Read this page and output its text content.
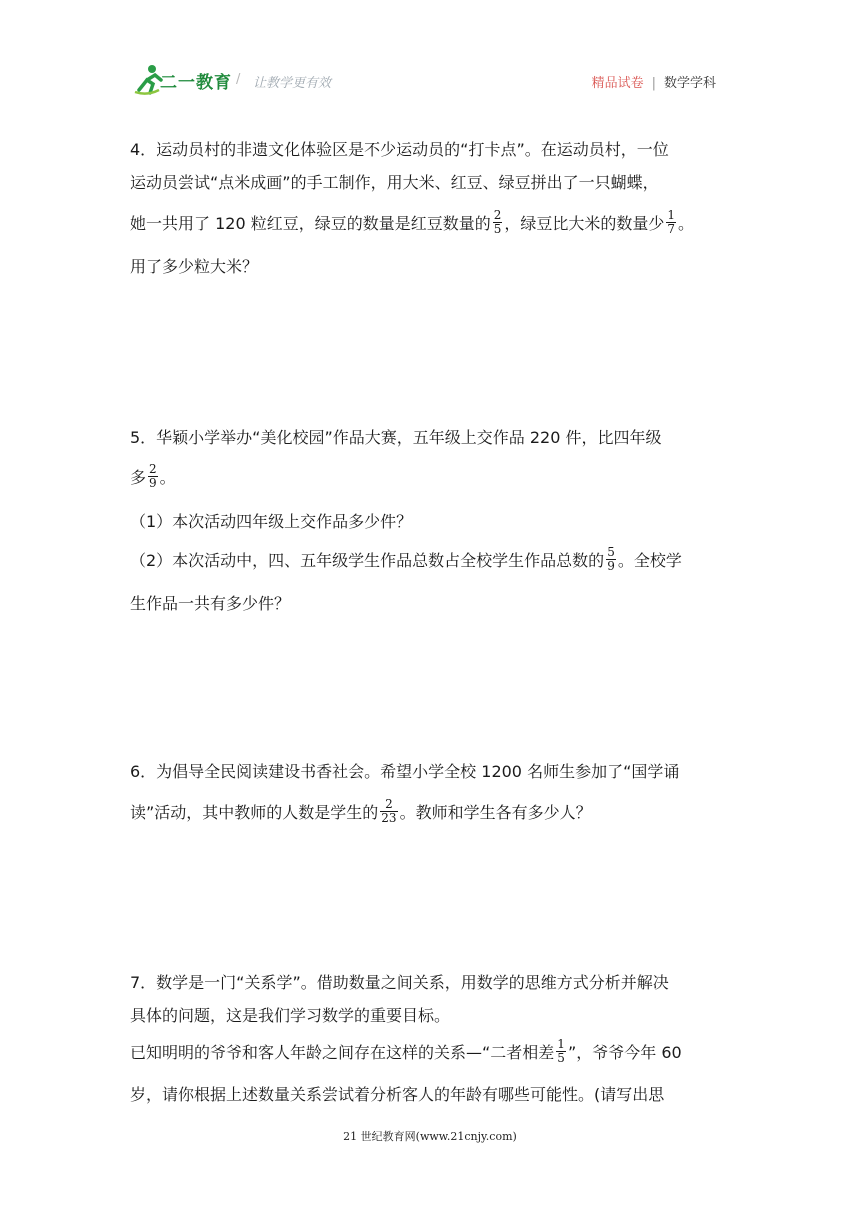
二一教育 / 让教学更有效	精品试卷 | 数学学科
4．运动员村的非遗文化体验区是不少运动员的“打卡点”。在运动员村，一位
运动员尝试“点米成画”的手工制作，用大米、红豆、绿豆拼出了一只蝴蝶，
她一共用了 120 粒红豆，绿豆的数量是红豆数量的 $\frac{2}{5}$ ，绿豆比大米的数量少 $\frac{1}{7}$ 。
用了多少粒大米？
5．华颖小学举办“美化校园”作品大赛，五年级上交作品 220 件，比四年级
多 $\frac{2}{9}$ 。
（1）本次活动四年级上交作品多少件？
（2）本次活动中，四、五年级学生作品总数占全校学生作品总数的 $\frac{5}{9}$ 。全校学
生作品一共有多少件？
6．为倡导全民阅读建设书香社会。希望小学全校 1200 名师生参加了“国学诵
读”活动，其中教师的人数是学生的 $\frac{2}{23}$ 。教师和学生各有多少人？
7．数学是一门“关系学”。借助数量之间关系，用数学的思维方式分析并解决
具体的问题，这是我们学习数学的重要目标。
已知明明的爷爷和客人年龄之间存在这样的关系—“二者相差 $\frac{1}{5}$ ”，爷爷今年 60
岁，请你根据上述数量关系尝试着分析客人的年龄有哪些可能性。(请写出思
21 世纪教育网(www.21cnjy.com)
